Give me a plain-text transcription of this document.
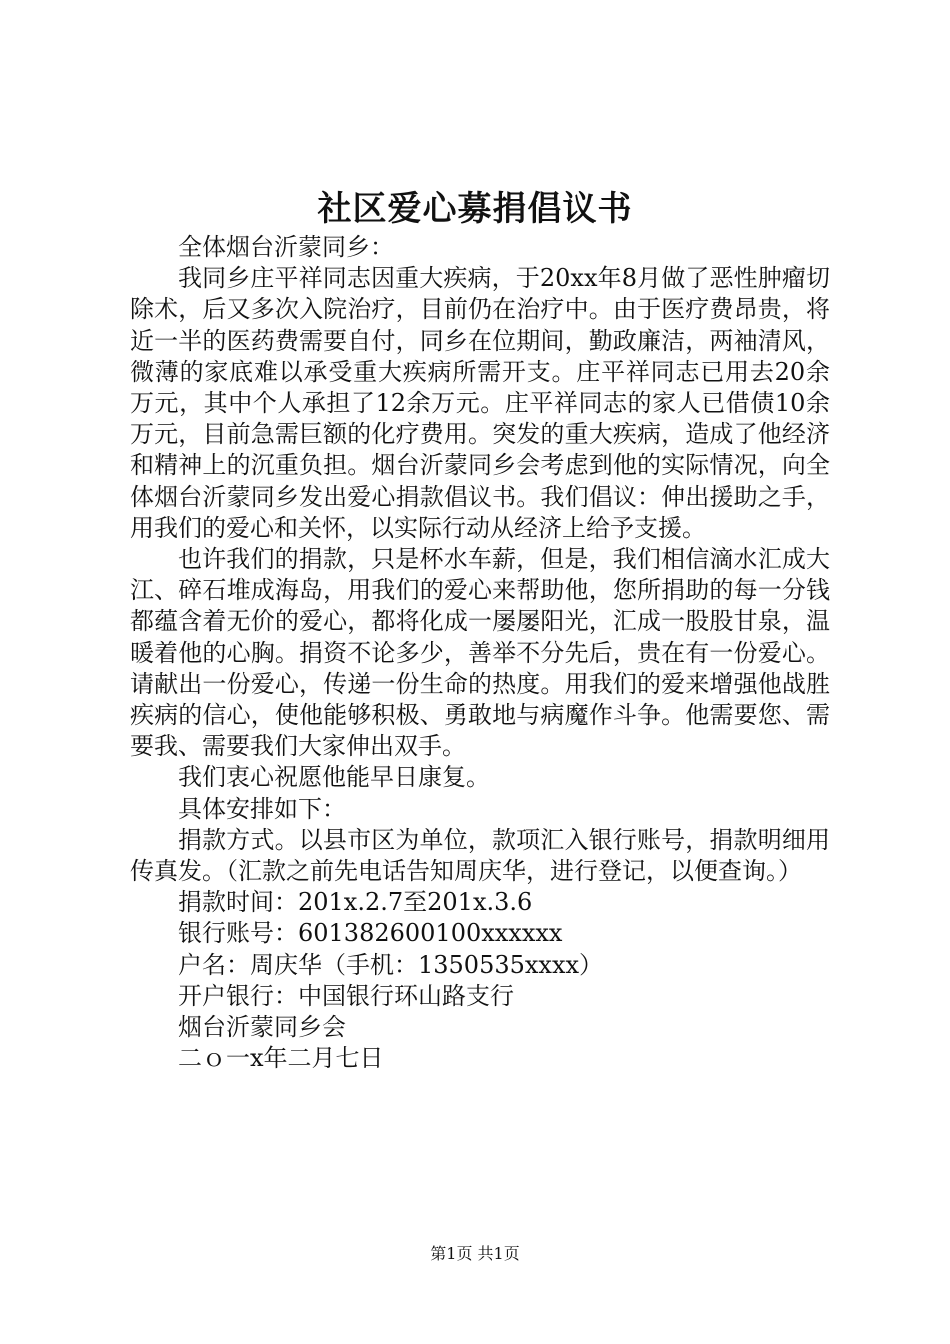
社区爱心募捐倡议书

全体烟台沂蒙同乡：

我同乡庄平祥同志因重大疾病，于20xx年8月做了恶性肿瘤切除术，后又多次入院治疗，目前仍在治疗中。由于医疗费昂贵，将近一半的医药费需要自付，同乡在位期间，勤政廉洁，两袖清风，微薄的家底难以承受重大疾病所需开支。庄平祥同志已用去20余万元，其中个人承担了12余万元。庄平祥同志的家人已借债10余万元，目前急需巨额的化疗费用。突发的重大疾病，造成了他经济和精神上的沉重负担。烟台沂蒙同乡会考虑到他的实际情况，向全体烟台沂蒙同乡发出爱心捐款倡议书。我们倡议：伸出援助之手，用我们的爱心和关怀，以实际行动从经济上给予支援。

也许我们的捐款，只是杯水车薪，但是，我们相信滴水汇成大江、碎石堆成海岛，用我们的爱心来帮助他，您所捐助的每一分钱都蕴含着无价的爱心，都将化成一屡屡阳光，汇成一股股甘泉，温暖着他的心胸。捐资不论多少，善举不分先后，贵在有一份爱心。请献出一份爱心，传递一份生命的热度。用我们的爱来增强他战胜疾病的信心，使他能够积极、勇敢地与病魔作斗争。他需要您、需要我、需要我们大家伸出双手。

我们衷心祝愿他能早日康复。

具体安排如下：

捐款方式。以县市区为单位，款项汇入银行账号，捐款明细用传真发。（汇款之前先电话告知周庆华，进行登记，以便查询。）

捐款时间：201x.2.7至201x.3.6

银行账号：601382600100xxxxxx

户名：周庆华（手机：1350535xxxx）

开户银行：中国银行环山路支行

烟台沂蒙同乡会

二ｏ一x年二月七日

第1页 共1页
